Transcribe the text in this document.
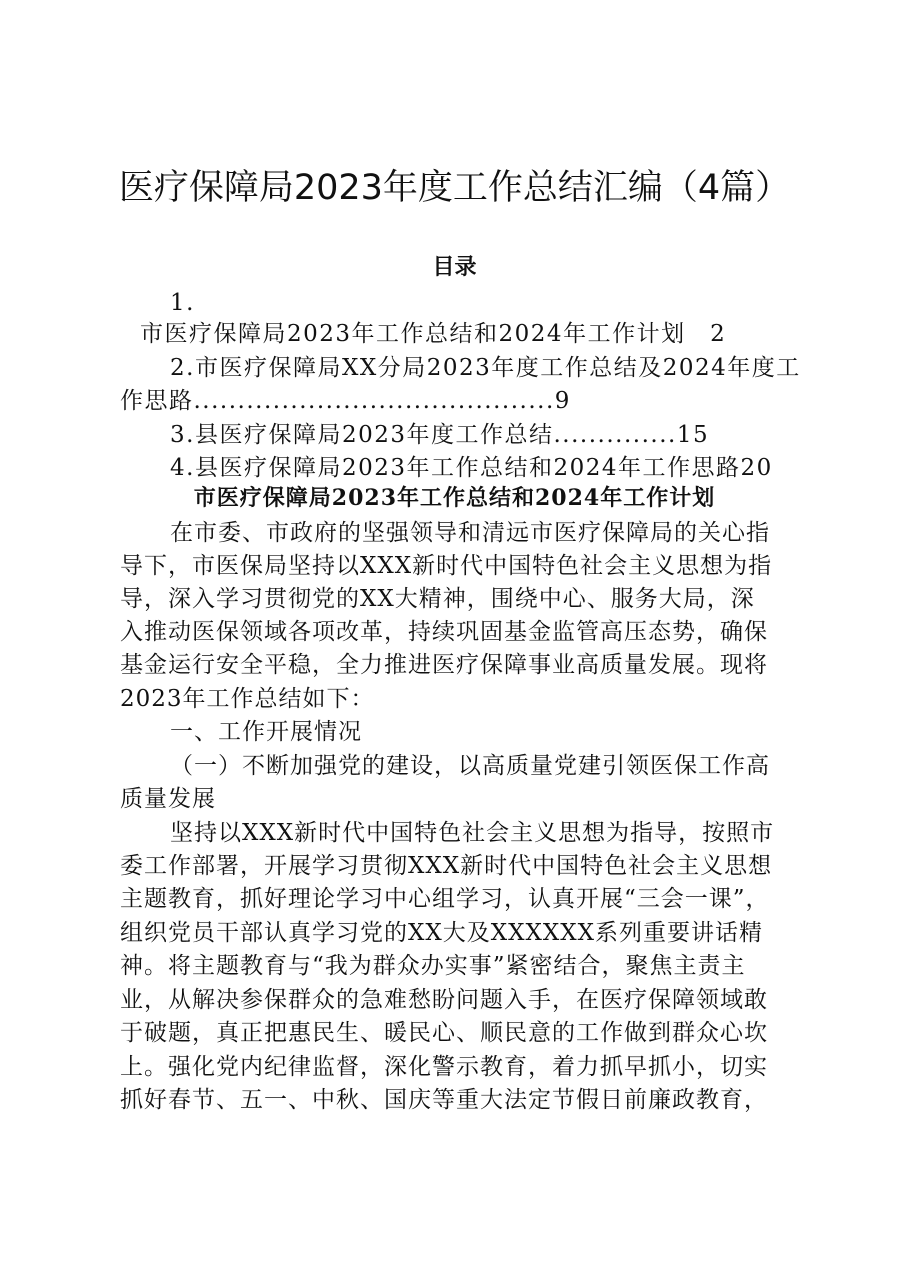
医疗保障局2023年度工作总结汇编（4篇）
目录
1.
市医疗保障局2023年工作总结和2024年工作计划　2
2.市医疗保障局XX分局2023年度工作总结及2024年度工
作思路.........................................9
3.县医疗保障局2023年度工作总结..............15
4.县医疗保障局2023年工作总结和2024年工作思路20
市医疗保障局2023年工作总结和2024年工作计划
在市委、市政府的坚强领导和清远市医疗保障局的关心指
导下，市医保局坚持以XXX新时代中国特色社会主义思想为指
导，深入学习贯彻党的XX大精神，围绕中心、服务大局，深
入推动医保领域各项改革，持续巩固基金监管高压态势，确保
基金运行安全平稳，全力推进医疗保障事业高质量发展。现将
2023年工作总结如下：
一、工作开展情况
（一）不断加强党的建设，以高质量党建引领医保工作高
质量发展
坚持以XXX新时代中国特色社会主义思想为指导，按照市
委工作部署，开展学习贯彻XXX新时代中国特色社会主义思想
主题教育，抓好理论学习中心组学习，认真开展“三会一课”，
组织党员干部认真学习党的XX大及XXXXXX系列重要讲话精
神。将主题教育与“我为群众办实事”紧密结合，聚焦主责主
业，从解决参保群众的急难愁盼问题入手，在医疗保障领域敢
于破题，真正把惠民生、暖民心、顺民意的工作做到群众心坎
上。强化党内纪律监督，深化警示教育，着力抓早抓小，切实
抓好春节、五一、中秋、国庆等重大法定节假日前廉政教育，
